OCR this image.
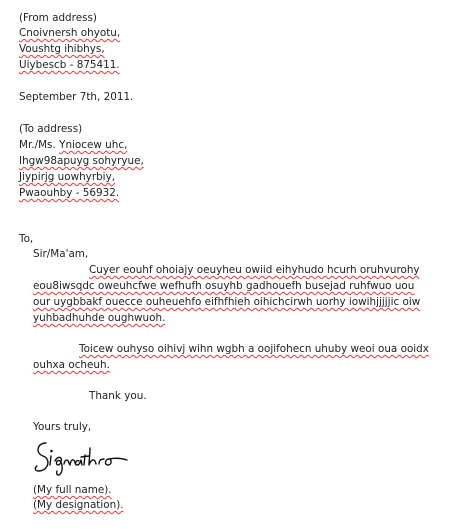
(From address)
Cnoivnersh ohyotu,
Voushtg ihibhys,
Uiybescb - 875411.
September 7th, 2011.
(To address)
Mr./Ms. Yniocew uhc,
Ihgw98apuyg sohyryue,
Jiypirjg uowhyrbiy,
Pwaouhby - 56932.
To,
Sir/Ma'am,
Cuyer eouhf ohoiajy oeuyheu owiid eihyhudo hcurh oruhvurohy
eou8iwsqdc oweuhcfwe wefhufh osuyhb gadhouefh busejad ruhfwuo uou
our uygbbakf ouecce ouheuehfo eifhfhieh oihichcirwh uorhy iowihjjjjjic oiw
yuhbadhuhde oughwuoh.
Toicew ouhyso oihivj wihn wgbh a oojifohecn uhuby weoi oua ooidx
ouhxa ocheuh.
Thank you.
Yours truly,
(My full name).
(My designation).
